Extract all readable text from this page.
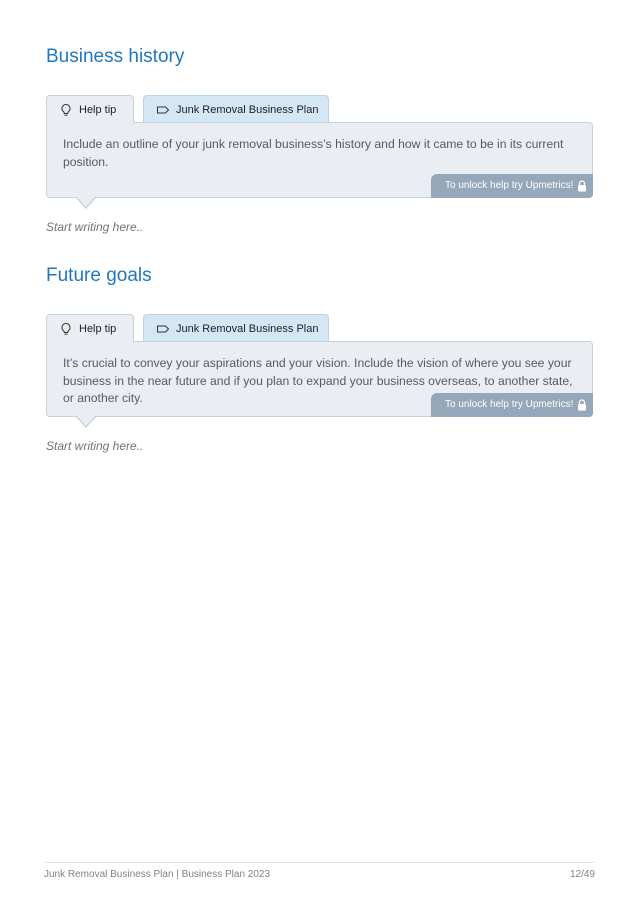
Business history
Help tip	Junk Removal Business Plan

Include an outline of your junk removal business’s history and how it came to be in its current position.

To unlock help try Upmetrics!
Start writing here..
Future goals
Help tip	Junk Removal Business Plan

It’s crucial to convey your aspirations and your vision. Include the vision of where you see your business in the near future and if you plan to expand your business overseas, to another state, or another city.	To unlock help try Upmetrics!
Start writing here..
Junk Removal Business Plan | Business Plan 2023	12/49
